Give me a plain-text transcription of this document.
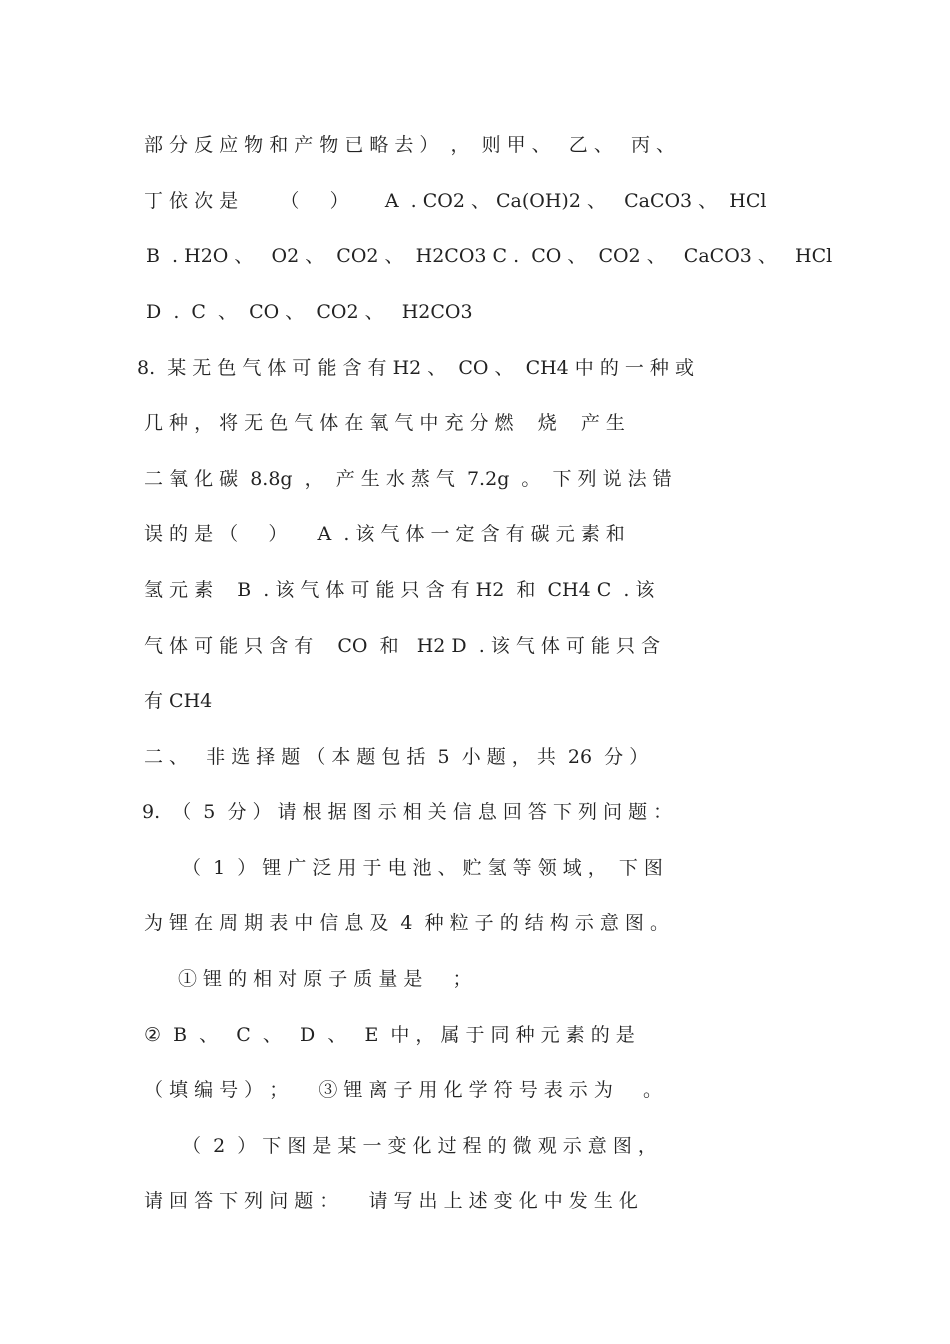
部 分 反 应 物 和 产 物 已 略 去 ）  ，  则 甲 、   乙 、   丙 、
丁 依 次 是       （     ）      A  . CO2 、 Ca(OH)2 、   CaCO3 、  HCl
B  . H2O 、   O2 、  CO2 、  H2CO3 C .  CO 、  CO2 、   CaCO3 、   HCl
D  .  C  、  CO 、  CO2 、   H2CO3
8.  某 无 色 气 体 可 能 含 有 H2 、  CO 、  CH4 中 的 一 种 或
几 种 ， 将 无 色 气 体 在 氧 气 中 充 分 燃    烧    产 生
二 氧 化 碳  8.8g  ，  产 生 水 蒸 气  7.2g  。  下 列 说 法 错
误 的 是 （     ）     A  . 该 气 体 一 定 含 有 碳 元 素 和
氢 元 素    B  . 该 气 体 可 能 只 含 有 H2  和  CH4 C  . 该
气 体 可 能 只 含 有    CO  和   H2 D  . 该 气 体 可 能 只 含
有 CH4
二 、   非 选 择 题 （ 本 题 包 括  5  小 题 ， 共  26  分 ）
9.  （  5  分 ） 请 根 据 图 示 相 关 信 息 回 答 下 列 问 题 ：
（  1  ） 锂 广 泛 用 于 电 池 、 贮 氢 等 领 域 ，  下 图
为 锂 在 周 期 表 中 信 息 及  4  种 粒 子 的 结 构 示 意 图 。
① 锂 的 相 对 原 子 质 量 是     ；
②  B  、   C  、   D  、   E  中 ， 属 于 同 种 元 素 的 是
（ 填 编 号 ） ；     ③ 锂 离 子 用 化 学 符 号 表 示 为     。
（  2  ） 下 图 是 某 一 变 化 过 程 的 微 观 示 意 图 ，
请 回 答 下 列 问 题 ：     请 写 出 上 述 变 化 中 发 生 化
